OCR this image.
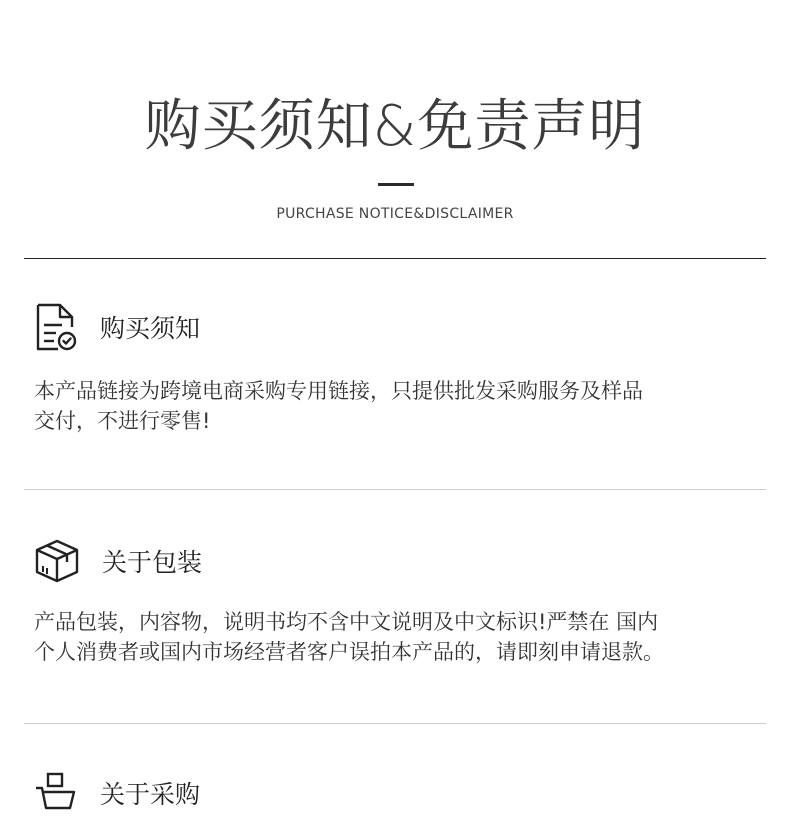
购买须知&免责声明
PURCHASE NOTICE&DISCLAIMER
购买须知
本产品链接为跨境电商采购专用链接，只提供批发采购服务及样品
交付，不进行零售!
关于包装
产品包装，内容物，说明书均不含中文说明及中文标识!严禁在 国内
个人消费者或国内市场经营者客户误拍本产品的，请即刻申请退款。
关于采购
